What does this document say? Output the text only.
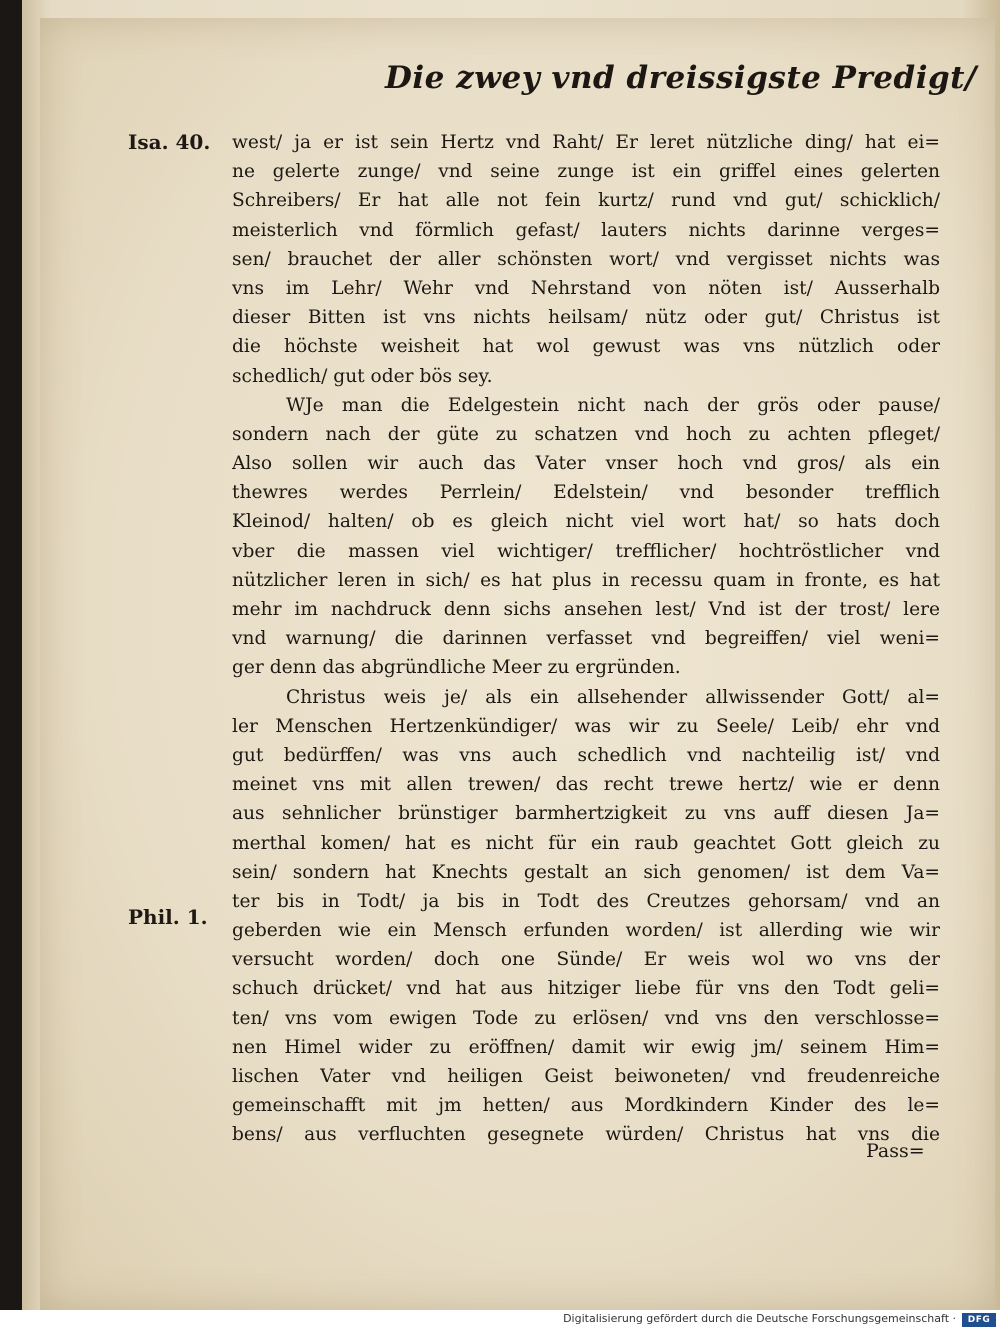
Die zwey vnd dreissigste Predigt/
Isa. 40.
Phil. 1.
west/ ja er ist sein Hertz vnd Raht/ Er leret nützliche ding/ hat ei=
ne gelerte zunge/ vnd seine zunge ist ein griffel eines gelerten
Schreibers/ Er hat alle not fein kurtz/ rund vnd gut/ schicklich/
meisterlich vnd förmlich gefast/ lauters nichts darinne verges=
sen/ brauchet der aller schönsten wort/ vnd vergisset nichts was
vns im Lehr/ Wehr vnd Nehrstand von nöten ist/ Ausserhalb
dieser Bitten ist vns nichts heilsam/ nütz oder gut/ Christus ist
die höchste weisheit hat wol gewust was vns nützlich oder
schedlich/ gut oder bös sey.
WJe man die Edelgestein nicht nach der grös oder pause/
sondern nach der güte zu schatzen vnd hoch zu achten pfleget/
Also sollen wir auch das Vater vnser hoch vnd gros/ als ein
thewres werdes Perrlein/ Edelstein/ vnd besonder trefflich
Kleinod/ halten/ ob es gleich nicht viel wort hat/ so hats doch
vber die massen viel wichtiger/ trefflicher/ hochtröstlicher vnd
nützlicher leren in sich/ es hat plus in recessu quam in fronte, es hat
mehr im nachdruck denn sichs ansehen lest/ Vnd ist der trost/ lere
vnd warnung/ die darinnen verfasset vnd begreiffen/ viel weni=
ger denn das abgründliche Meer zu ergründen.
Christus weis je/ als ein allsehender allwissender Gott/ al=
ler Menschen Hertzenkündiger/ was wir zu Seele/ Leib/ ehr vnd
gut bedürffen/ was vns auch schedlich vnd nachteilig ist/ vnd
meinet vns mit allen trewen/ das recht trewe hertz/ wie er denn
aus sehnlicher brünstiger barmhertzigkeit zu vns auff diesen Ja=
merthal komen/ hat es nicht für ein raub geachtet Gott gleich zu
sein/ sondern hat Knechts gestalt an sich genomen/ ist dem Va=
ter bis in Todt/ ja bis in Todt des Creutzes gehorsam/ vnd an
geberden wie ein Mensch erfunden worden/ ist allerding wie wir
versucht worden/ doch one Sünde/ Er weis wol wo vns der
schuch drücket/ vnd hat aus hitziger liebe für vns den Todt geli=
ten/ vns vom ewigen Tode zu erlösen/ vnd vns den verschlosse=
nen Himel wider zu eröffnen/ damit wir ewig jm/ seinem Him=
lischen Vater vnd heiligen Geist beiwoneten/ vnd freudenreiche
gemeinschafft mit jm hetten/ aus Mordkindern Kinder des le=
bens/ aus verfluchten gesegnete würden/ Christus hat vns die
Pass=
Digitalisierung gefördert durch die Deutsche Forschungsgemeinschaft ·	DFG
